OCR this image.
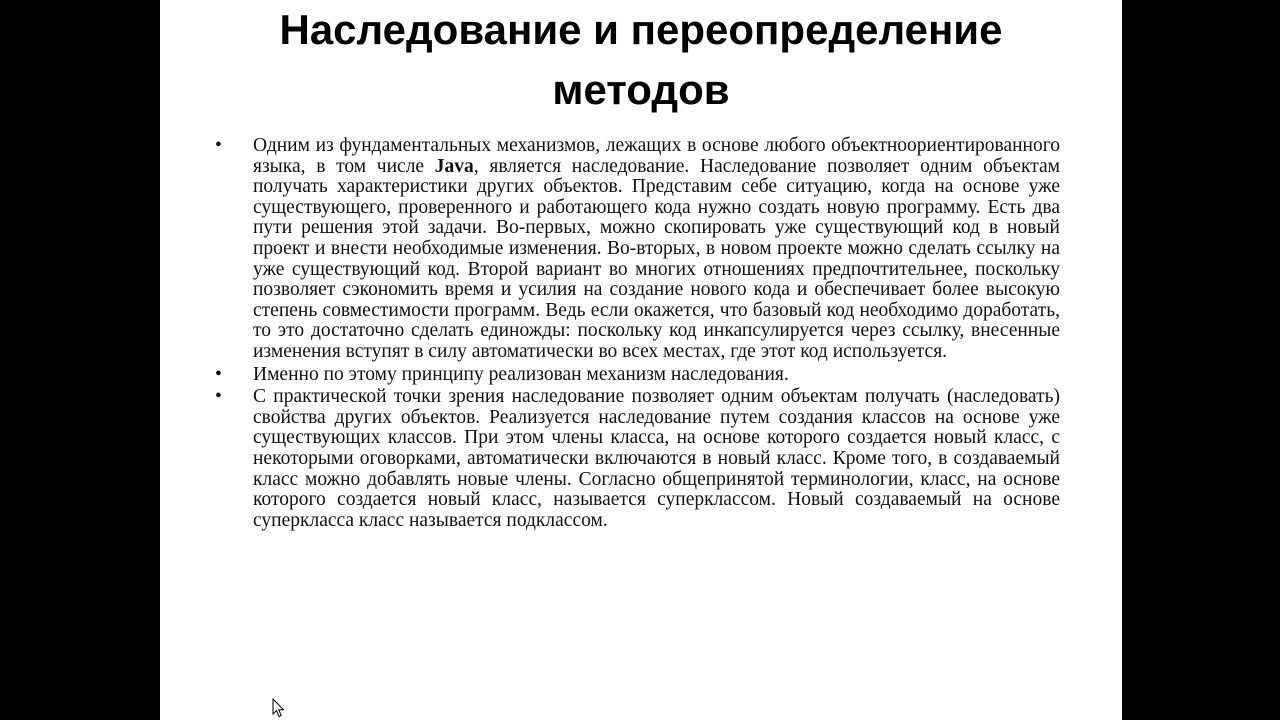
Наследование и переопределение
методов
•	Одним из фундаментальных механизмов, лежащих в основе любого объектноориентированного языка, в том числе Java, является наследование. Наследование позволяет одним объектам получать характеристики других объектов. Представим себе ситуацию, когда на основе уже существующего, проверенного и работающего кода нужно создать новую программу. Есть два пути решения этой задачи. Во-первых, можно скопировать уже существующий код в новый проект и внести необходимые изменения. Во-вторых, в новом проекте можно сделать ссылку на уже существующий код. Второй вариант во многих отношениях предпочтительнее, поскольку позволяет сэкономить время и усилия на создание нового кода и обеспечивает более высокую степень совместимости программ. Ведь если окажется, что базовый код необходимо доработать, то это достаточно сделать единожды: поскольку код инкапсулируется через ссылку, внесенные изменения вступят в силу автоматически во всех местах, где этот код используется.
•	Именно по этому принципу реализован механизм наследования.
•	С практической точки зрения наследование позволяет одним объектам получать (наследовать) свойства других объектов. Реализуется наследование путем создания классов на основе уже существующих классов. При этом члены класса, на основе которого создается новый класс, с некоторыми оговорками, автоматически включаются в новый класс. Кроме того, в создаваемый класс можно добавлять новые члены. Согласно общепринятой терминологии, класс, на основе которого создается новый класс, называется суперклассом. Новый создаваемый на основе суперкласса класс называется подклассом.
